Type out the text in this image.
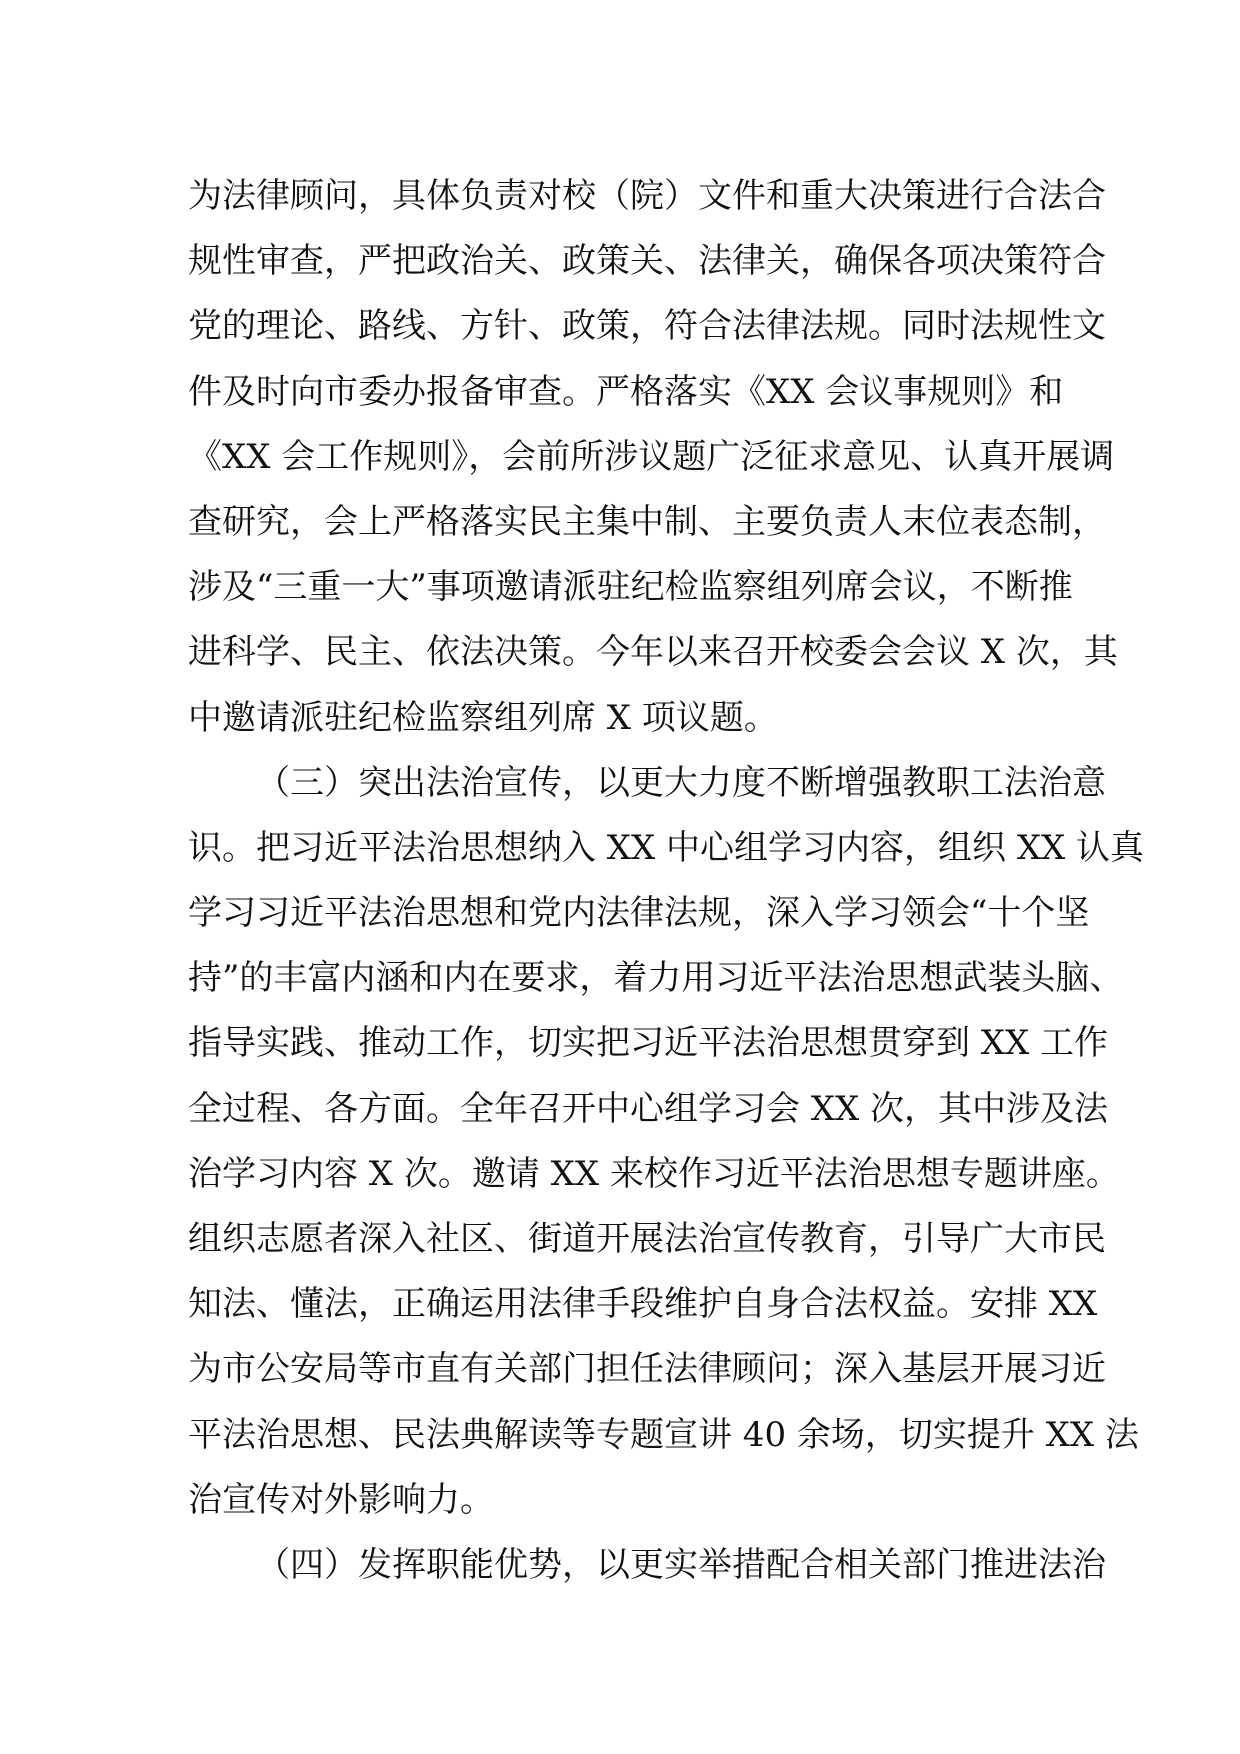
为法律顾问，具体负责对校（院）文件和重大决策进行合法合
规性审查，严把政治关、政策关、法律关，确保各项决策符合
党的理论、路线、方针、政策，符合法律法规。同时法规性文
件及时向市委办报备审查。严格落实《XX 会议事规则》和
《XX 会工作规则》，会前所涉议题广泛征求意见、认真开展调
查研究，会上严格落实民主集中制、主要负责人末位表态制，
涉及“三重一大”事项邀请派驻纪检监察组列席会议，不断推
进科学、民主、依法决策。今年以来召开校委会会议 X 次，其
中邀请派驻纪检监察组列席 X 项议题。
（三）突出法治宣传，以更大力度不断增强教职工法治意
识。把习近平法治思想纳入 XX 中心组学习内容，组织 XX 认真
学习习近平法治思想和党内法律法规，深入学习领会“十个坚
持”的丰富内涵和内在要求，着力用习近平法治思想武装头脑、
指导实践、推动工作，切实把习近平法治思想贯穿到 XX 工作
全过程、各方面。全年召开中心组学习会 XX 次，其中涉及法
治学习内容 X 次。邀请 XX 来校作习近平法治思想专题讲座。
组织志愿者深入社区、街道开展法治宣传教育，引导广大市民
知法、懂法，正确运用法律手段维护自身合法权益。安排 XX
为市公安局等市直有关部门担任法律顾问；深入基层开展习近
平法治思想、民法典解读等专题宣讲 40 余场，切实提升 XX 法
治宣传对外影响力。
（四）发挥职能优势，以更实举措配合相关部门推进法治
